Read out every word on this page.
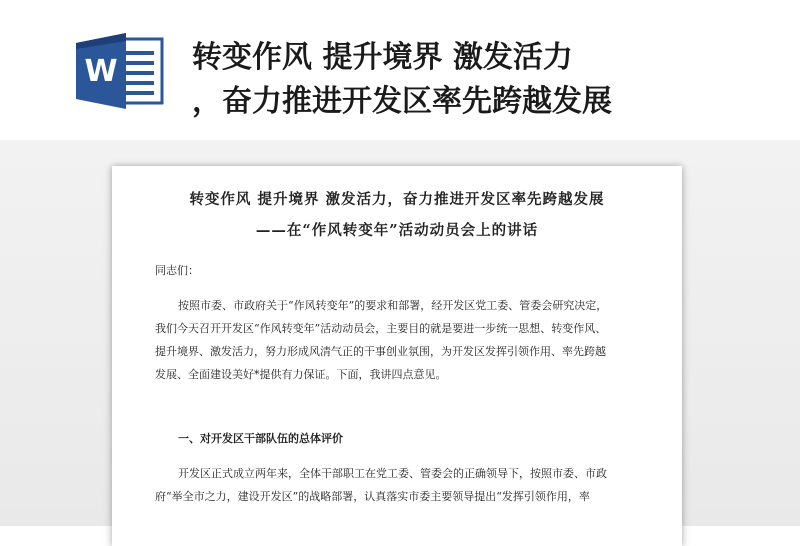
W 转变作风 提升境界 激发活力
，奋力推进开发区率先跨越发展
转变作风 提升境界 激发活力，奋力推进开发区率先跨越发展
——在“作风转变年”活动动员会上的讲话
同志们：
按照市委、市政府关于“作风转变年”的要求和部署，经开发区党工委、管委会研究决定，
我们今天召开开发区“作风转变年”活动动员会，主要目的就是要进一步统一思想、转变作风、
提升境界、激发活力，努力形成风清气正的干事创业氛围，为开发区发挥引领作用、率先跨越
发展、全面建设美好*提供有力保证。下面，我讲四点意见。
一、对开发区干部队伍的总体评价
开发区正式成立两年来，全体干部职工在党工委、管委会的正确领导下，按照市委、市政
府“举全市之力，建设开发区”的战略部署，认真落实市委主要领导提出“发挥引领作用，率
